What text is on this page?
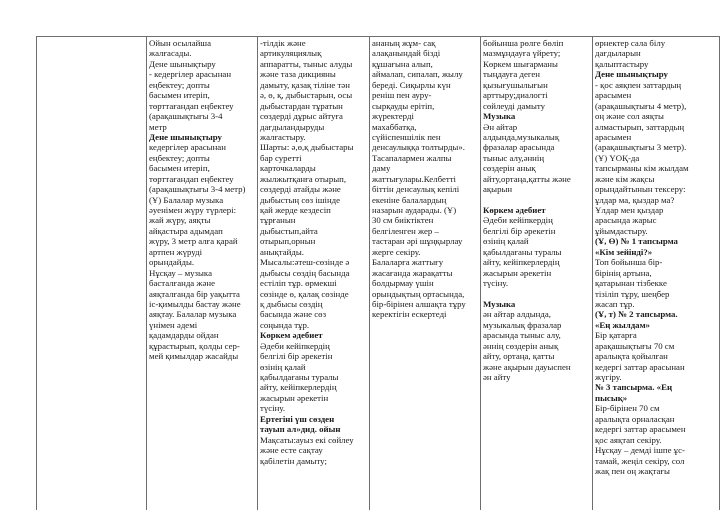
Ойын осылайша
жалғасады.
Дене шынықтыру
- кедергілер арасынан
еңбектеу; допты
басымен итеріп,
төрттағандап еңбектеу
(арақашықтығы 3-4
метр
Дене шынықтыру
кедергілер арасынан
еңбектеу; допты
басымен итеріп,
төрттағандап еңбектеу
(арақашықтығы 3-4 метр)
(Ұ) Балалар музыка
әуенімен жүру түрлері:
жай жүру, аяқты
айқастыра адымдап
жүру, 3 метр алға қарай
артпен жүруді
орындайды.
Нұсқау – музыка
басталғанда және
аяқталғанда бір уақытта
іс-қимылды бастау және
аяқтау. Балалар музыка
үнімен әдемі
қадамдарды ойдан
құрастырып, қолды сер-
мей қимылдар жасайды
-тілдік және
артикуляциялық
аппаратты, тыныс алуды
және таза дикцияны
дамыту, қазақ тіліне тән
ә, ө, қ, дыбыстарын, осы
дыбыстардан тұратын
сөздерді дұрыс айтуға
дағдыландыруды
жалғастыру.
Шарты: ә,ө,қ дыбыстары
бар суретті
карточкаларды
жылжытқанға отырып,
сөздерді атайды және
дыбыстың сөз ішінде
қай жерде кездесіп
тұрғанын
дыбыстып,айта
отырып,орнын
анықтайды.
Мысалы:әтеш-сөзінде ә
дыбысы сөздің басында
естіліп тұр. өрмекші
сөзінде ө, қалақ сөзінде
қ дыбысы сөздің
басында және сөз
соңында тұр.
Көркем әдебиет
Әдеби кейіпкердің
белгілі бір әрекетін
өзінің қалай
қабылдағаны туралы
айту, кейіпкерлердің
жасырын әрекетін
түсіну.
Ертегіні үш сөзден
тауып ал»дид. ойын
Мақсаты:ауыз екі сөйлеу
және есте сақтау
қабілетін дамыту;
ананың жұм- сақ
алақанындай бізді
құшағына алып,
аймалап, сипалап, жылу
береді. Сиқырлы күн
реніш пен ауру-
сырқауды ерітіп,
жүректерді
махаббатқа,
сүйіспеншілік пен
денсаулыққа толтырды».
Тасапалармен жалпы
даму
жаттығулары.Келбетті
біттін денсаулық кепілі
екеніне балалардың
назарын аударады. (Ұ)
30 см биіктіктен
белгіленген жер –
тастаран әрі шұңқырлау
жерге секіру.
Балаларға жаттығу
жасағанда жарақатты
болдырмау үшін
орындықтың ортасында,
бір-бірінен алшақта тұру
керектігін ескертеді
бойынша рөлге бөліп
мазмұндауға үйрету;
Көркем шығарманы
тыңдауға деген
қызығушылығын
арттыру;диалогті
сөйлеуді дамыту
Музыка
Ән айтар
алдында,музыкалық
фразалар арасында
тыныс алу,әннің
сөздерін анық
айту,ортаңа,қатты және
ақырын
Көркем әдебиет
Әдеби кейіпкердің
белгілі бір әрекетін
өзінің қалай
қабылдағаны туралы
айту, кейіпкерлердің
жасырын әрекетін
түсіну.
Музыка
ән айтар алдында,
музыкалық фразалар
арасында тыныс алу,
әннің сөздерін анық
айту, ортаңа, қатты
және ақырын дауыспен
ән айту
өрнектер сала білу
дағдыларын
қалыптастыру
Дене шынықтыру
- қос аяқпен заттардың
арасымен
(арақашықтығы 4 метр),
оң және сол аяқты
алмастырып, заттардың
арасымен
(арақашықтығы 3 метр).
(Ұ) ҮОҚ-да
тапсырманы кім жылдам
және кім жақсы
орындайтынын тексеру:
ұлдар ма, қыздар ма?
Ұлдар мен қыздар
арасында жарыс
ұйымдастыру.
(Ұ, Ө) № 1 тапсырма
«Кім зейінді?»
Топ бойынша бір-
бірінің артына,
қатарынан тізбекке
тізіліп тұру, шеңбер
жасап тұр.
(Ұ, т) № 2 тапсырма.
«Ең жылдам»
Бір қатарға
арақашықтығы 70 см
аралықта қойылған
кедергі заттар арасынан
жүгіру.
№ 3 тапсырма. «Ең
пысық»
Бір-бірінен 70 см
аралықта орналасқан
кедергі заттар арасымен
қос аяқтап секіру.
Нұсқау – демді ішпе ұс-
тамай, жеңіл секіру, сол
жақ пен оң жақтағы
